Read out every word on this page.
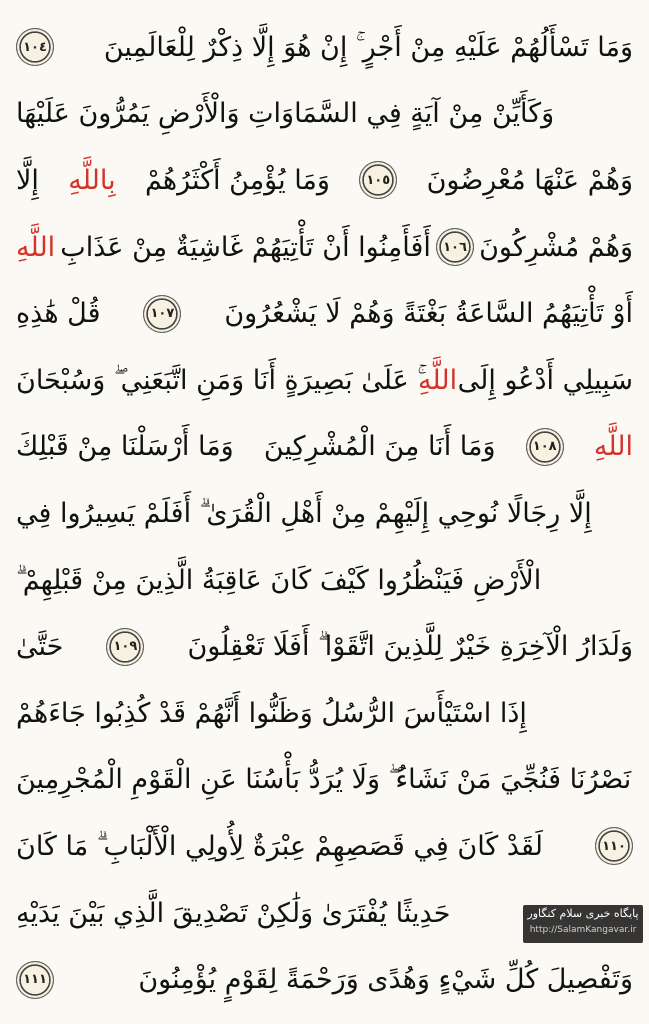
١٠٤ وَمَا تَسْأَلُهُمْ عَلَيْهِ مِنْ أَجْرٍ ۚ إِنْ هُوَ إِلَّا ذِكْرٌ لِلْعَالَمِينَ
وَكَأَيِّنْ مِنْ آيَةٍ فِي السَّمَاوَاتِ وَالْأَرْضِ يَمُرُّونَ عَلَيْهَا
إِلَّا بِاللَّهِ وَمَا يُؤْمِنُ أَكْثَرُهُمْ	١٠٥ وَهُمْ عَنْهَا مُعْرِضُونَ
اللَّهِ أَفَأَمِنُوا أَنْ تَأْتِيَهُمْ غَاشِيَةٌ مِنْ عَذَابِ ١٠٦ وَهُمْ مُشْرِكُونَ
قُلْ هَٰذِهِ	١٠٧ أَوْ تَأْتِيَهُمُ السَّاعَةُ بَغْتَةً وَهُمْ لَا يَشْعُرُونَ
ۚ عَلَىٰ بَصِيرَةٍ أَنَا وَمَنِ اتَّبَعَنِي ۖ وَسُبْحَانَ اللَّهِ سَبِيلِي أَدْعُو إِلَى
وَمَا أَرْسَلْنَا مِنْ قَبْلِكَ وَمَا أَنَا مِنَ الْمُشْرِكِينَ	١٠٨ اللَّهِ
إِلَّا رِجَالًا نُوحِي إِلَيْهِمْ مِنْ أَهْلِ الْقُرَىٰ ۗ أَفَلَمْ يَسِيرُوا فِي
الْأَرْضِ فَيَنْظُرُوا كَيْفَ كَانَ عَاقِبَةُ الَّذِينَ مِنْ قَبْلِهِمْ ۗ
حَتَّىٰ	١٠٩ وَلَدَارُ الْآخِرَةِ خَيْرٌ لِلَّذِينَ اتَّقَوْا ۗ أَفَلَا تَعْقِلُونَ
إِذَا اسْتَيْأَسَ الرُّسُلُ وَظَنُّوا أَنَّهُمْ قَدْ كُذِبُوا جَاءَهُمْ
نَصْرُنَا فَنُجِّيَ مَنْ نَشَاءُ ۖ وَلَا يُرَدُّ بَأْسُنَا عَنِ الْقَوْمِ الْمُجْرِمِينَ
لَقَدْ كَانَ فِي قَصَصِهِمْ عِبْرَةٌ لِأُولِي الْأَلْبَابِ ۗ مَا كَانَ	١١٠
حَدِيثًا يُفْتَرَىٰ وَلَٰكِنْ تَصْدِيقَ الَّذِي بَيْنَ يَدَيْهِ
١١١	وَتَفْصِيلَ كُلِّ شَيْءٍ وَهُدًى وَرَحْمَةً لِقَوْمٍ يُؤْمِنُونَ
پایگاه خبری سلام کنگاور
http://SalamKangavar.ir
